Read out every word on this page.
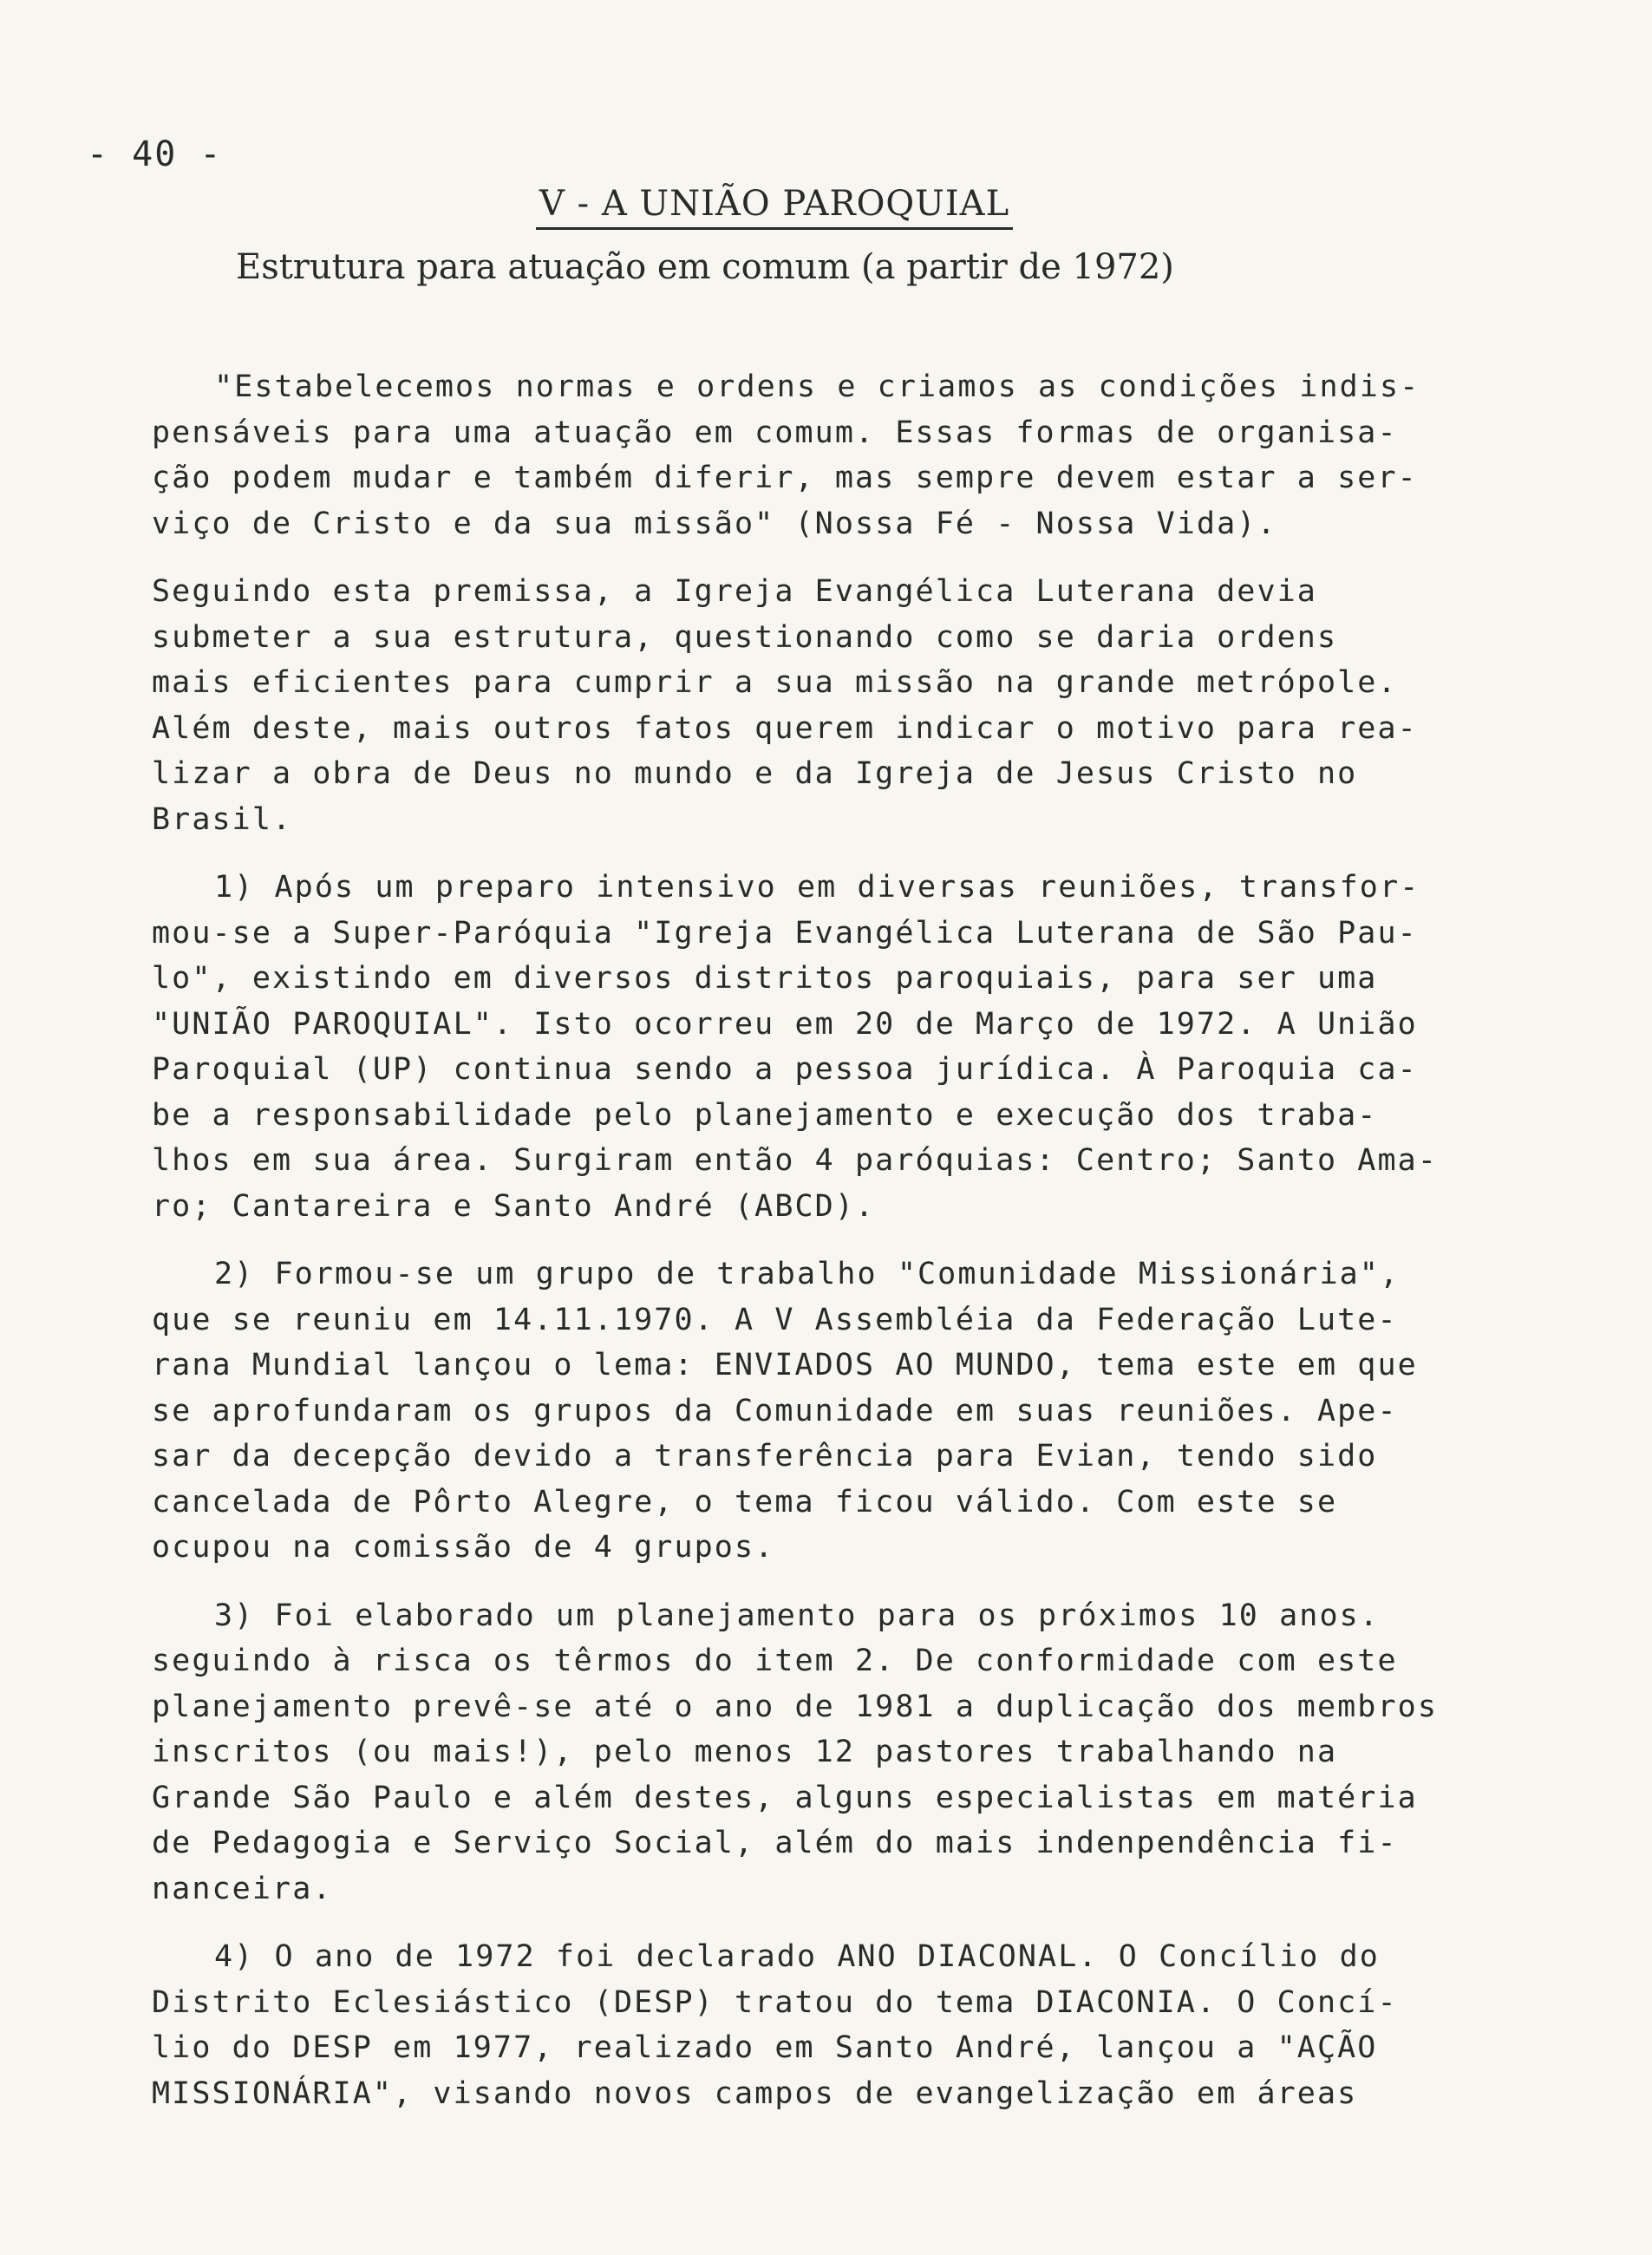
- 40 -
V - A UNIÃO PAROQUIAL
Estrutura para atuação em comum (a partir de 1972)
"Estabelecemos normas e ordens e criamos as condições indis-
pensáveis para uma atuação em comum. Essas formas de organisa-
ção podem mudar e também diferir, mas sempre devem estar a ser-
viço de Cristo e da sua missão" (Nossa Fé - Nossa Vida).
Seguindo esta premissa, a Igreja Evangélica Luterana devia
submeter a sua estrutura, questionando como se daria ordens
mais eficientes para cumprir a sua missão na grande metrópole.
Além deste, mais outros fatos querem indicar o motivo para rea-
lizar a obra de Deus no mundo e da Igreja de Jesus Cristo no
Brasil.
1) Após um preparo intensivo em diversas reuniões, transfor-
mou-se a Super-Paróquia "Igreja Evangélica Luterana de São Pau-
lo", existindo em diversos distritos paroquiais, para ser uma
"UNIÃO PAROQUIAL". Isto ocorreu em 20 de Março de 1972. A União
Paroquial (UP) continua sendo a pessoa jurídica. À Paroquia ca-
be a responsabilidade pelo planejamento e execução dos traba-
lhos em sua área. Surgiram então 4 paróquias: Centro; Santo Ama-
ro; Cantareira e Santo André (ABCD).
2) Formou-se um grupo de trabalho "Comunidade Missionária",
que se reuniu em 14.11.1970. A V Assembléia da Federação Lute-
rana Mundial lançou o lema: ENVIADOS AO MUNDO, tema este em que
se aprofundaram os grupos da Comunidade em suas reuniões. Ape-
sar da decepção devido a transferência para Evian, tendo sido
cancelada de Pôrto Alegre, o tema ficou válido. Com este se
ocupou na comissão de 4 grupos.
3) Foi elaborado um planejamento para os próximos 10 anos.
seguindo à risca os têrmos do item 2. De conformidade com este
planejamento prevê-se até o ano de 1981 a duplicação dos membros
inscritos (ou mais!), pelo menos 12 pastores trabalhando na
Grande São Paulo e além destes, alguns especialistas em matéria
de Pedagogia e Serviço Social, além do mais indenpendência fi-
nanceira.
4) O ano de 1972 foi declarado ANO DIACONAL. O Concílio do
Distrito Eclesiástico (DESP) tratou do tema DIACONIA. O Concí-
lio do DESP em 1977, realizado em Santo André, lançou a "AÇÃO
MISSIONÁRIA", visando novos campos de evangelização em áreas
